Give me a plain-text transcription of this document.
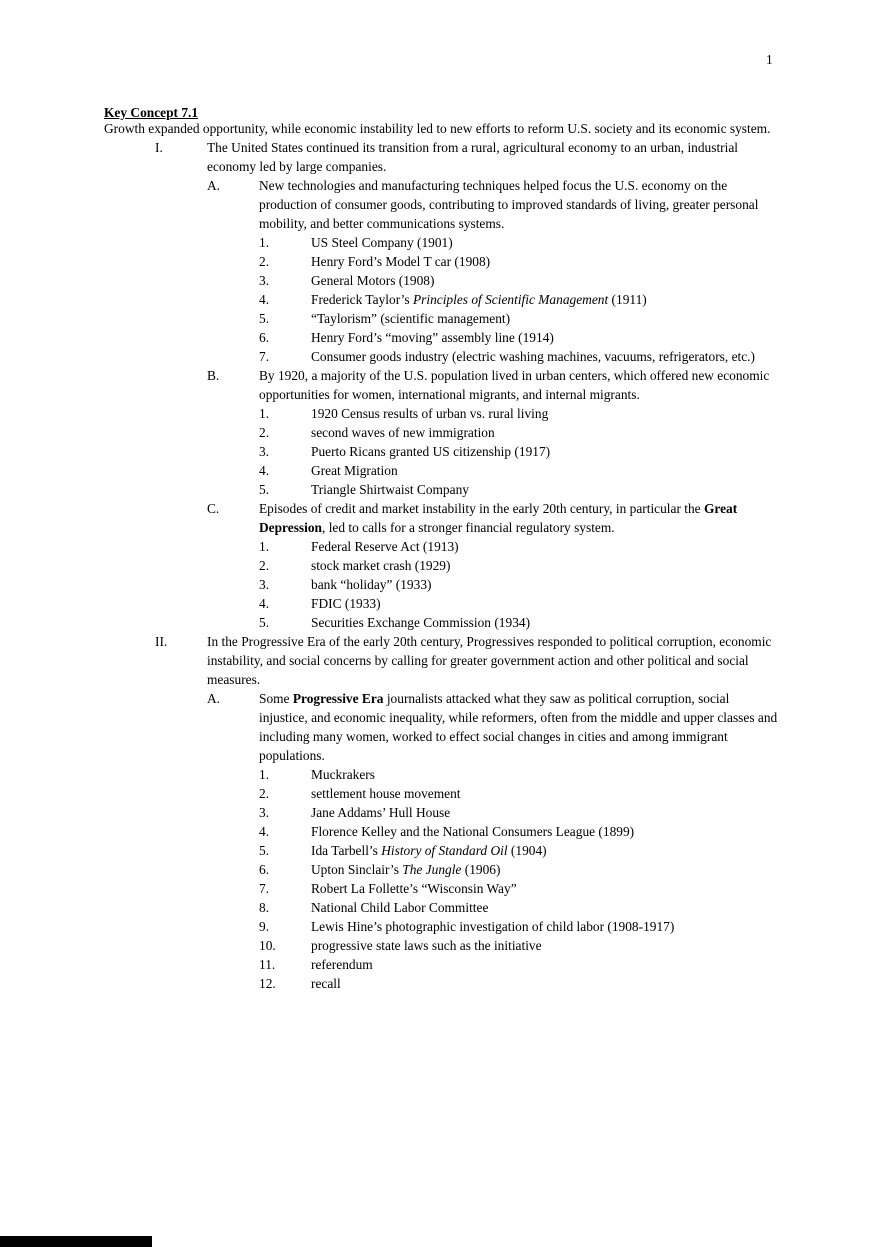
1
Key Concept 7.1

Growth expanded opportunity, while economic instability led to new efforts to reform U.S. society and its economic system.

I.	The United States continued its transition from a rural, agricultural economy to an urban, industrial economy led by large companies.
A.	New technologies and manufacturing techniques helped focus the U.S. economy on the production of consumer goods, contributing to improved standards of living, greater personal mobility, and better communications systems.
1.	US Steel Company (1901)
2.	Henry Ford’s Model T car (1908)
3.	General Motors (1908)
4.	Frederick Taylor’s Principles of Scientific Management (1911)
5.	“Taylorism” (scientific management)
6.	Henry Ford’s “moving” assembly line (1914)
7.	Consumer goods industry (electric washing machines, vacuums, refrigerators, etc.)
B.	By 1920, a majority of the U.S. population lived in urban centers, which offered new economic opportunities for women, international migrants, and internal migrants.
1.	1920 Census results of urban vs. rural living
2.	second waves of new immigration
3.	Puerto Ricans granted US citizenship (1917)
4.	Great Migration
5.	Triangle Shirtwaist Company
C.	Episodes of credit and market instability in the early 20th century, in particular the Great Depression, led to calls for a stronger financial regulatory system.
1.	Federal Reserve Act (1913)
2.	stock market crash (1929)
3.	bank “holiday” (1933)
4.	FDIC (1933)
5.	Securities Exchange Commission (1934)
II.	In the Progressive Era of the early 20th century, Progressives responded to political corruption, economic instability, and social concerns by calling for greater government action and other political and social measures.
A.	Some Progressive Era journalists attacked what they saw as political corruption, social injustice, and economic inequality, while reformers, often from the middle and upper classes and including many women, worked to effect social changes in cities and among immigrant populations.
1.	Muckrakers
2.	settlement house movement
3.	Jane Addams’ Hull House
4.	Florence Kelley and the National Consumers League (1899)
5.	Ida Tarbell’s History of Standard Oil (1904)
6.	Upton Sinclair’s The Jungle (1906)
7.	Robert La Follette’s “Wisconsin Way”
8.	National Child Labor Committee
9.	Lewis Hine’s photographic investigation of child labor (1908-1917)
10.	progressive state laws such as the initiative
11.	referendum
12.	recall
